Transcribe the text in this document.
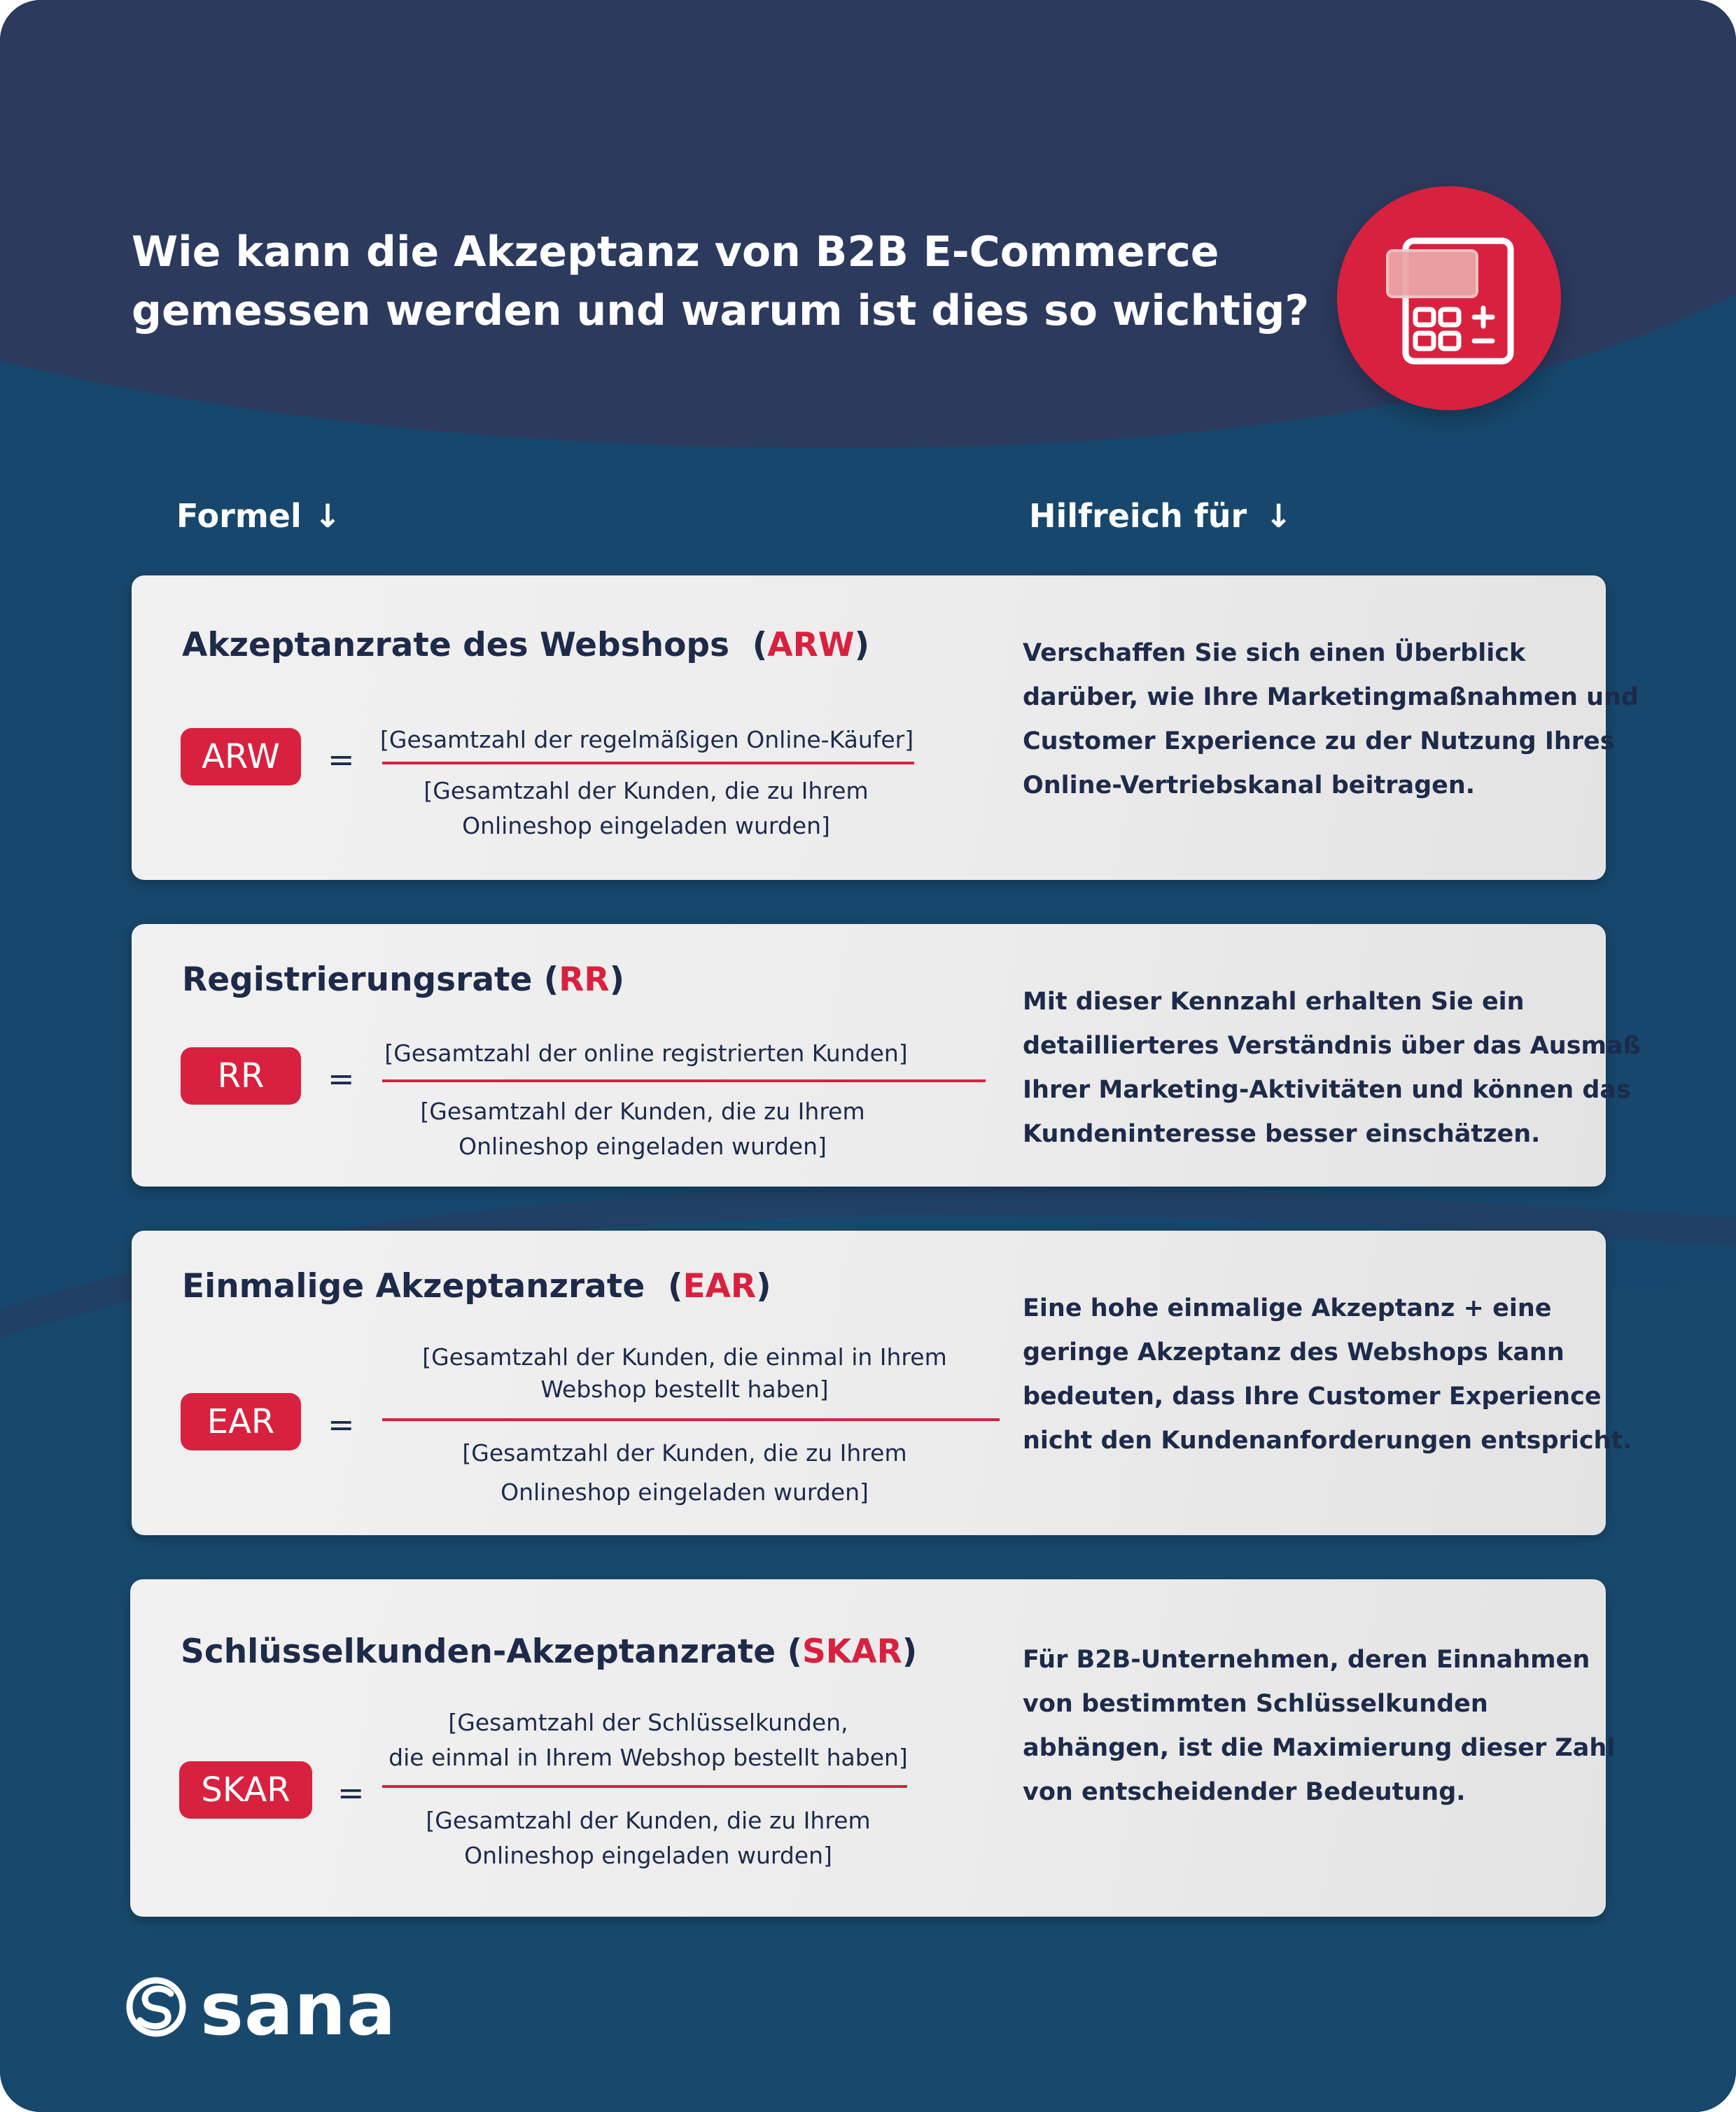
Wie kann die Akzeptanz von B2B E-Commerce
gemessen werden und warum ist dies so wichtig?
Formel ↓	Hilfreich für ↓
Akzeptanzrate des Webshops  (ARW)
ARW	=
[Gesamtzahl der regelmäßigen Online-Käufer]
[Gesamtzahl der Kunden, die zu Ihrem
Onlineshop eingeladen wurden]
Verschaffen Sie sich einen Überblick
darüber, wie Ihre Marketingmaßnahmen und
Customer Experience zu der Nutzung Ihres
Online-Vertriebskanal beitragen.
Registrierungsrate (RR)
RR	=
[Gesamtzahl der online registrierten Kunden]
[Gesamtzahl der Kunden, die zu Ihrem
Onlineshop eingeladen wurden]
Mit dieser Kennzahl erhalten Sie ein
detaillierteres Verständnis über das Ausmaß
Ihrer Marketing-Aktivitäten und können das
Kundeninteresse besser einschätzen.
Einmalige Akzeptanzrate  (EAR)
EAR	=
[Gesamtzahl der Kunden, die einmal in Ihrem
Webshop bestellt haben]
[Gesamtzahl der Kunden, die zu Ihrem
Onlineshop eingeladen wurden]
Eine hohe einmalige Akzeptanz + eine
geringe Akzeptanz des Webshops kann
bedeuten, dass Ihre Customer Experience
nicht den Kundenanforderungen entspricht.
Schlüsselkunden-Akzeptanzrate (SKAR)
SKAR	=
[Gesamtzahl der Schlüsselkunden,
die einmal in Ihrem Webshop bestellt haben]
[Gesamtzahl der Kunden, die zu Ihrem
Onlineshop eingeladen wurden]
Für B2B-Unternehmen, deren Einnahmen
von bestimmten Schlüsselkunden
abhängen, ist die Maximierung dieser Zahl
von entscheidender Bedeutung.
sana
